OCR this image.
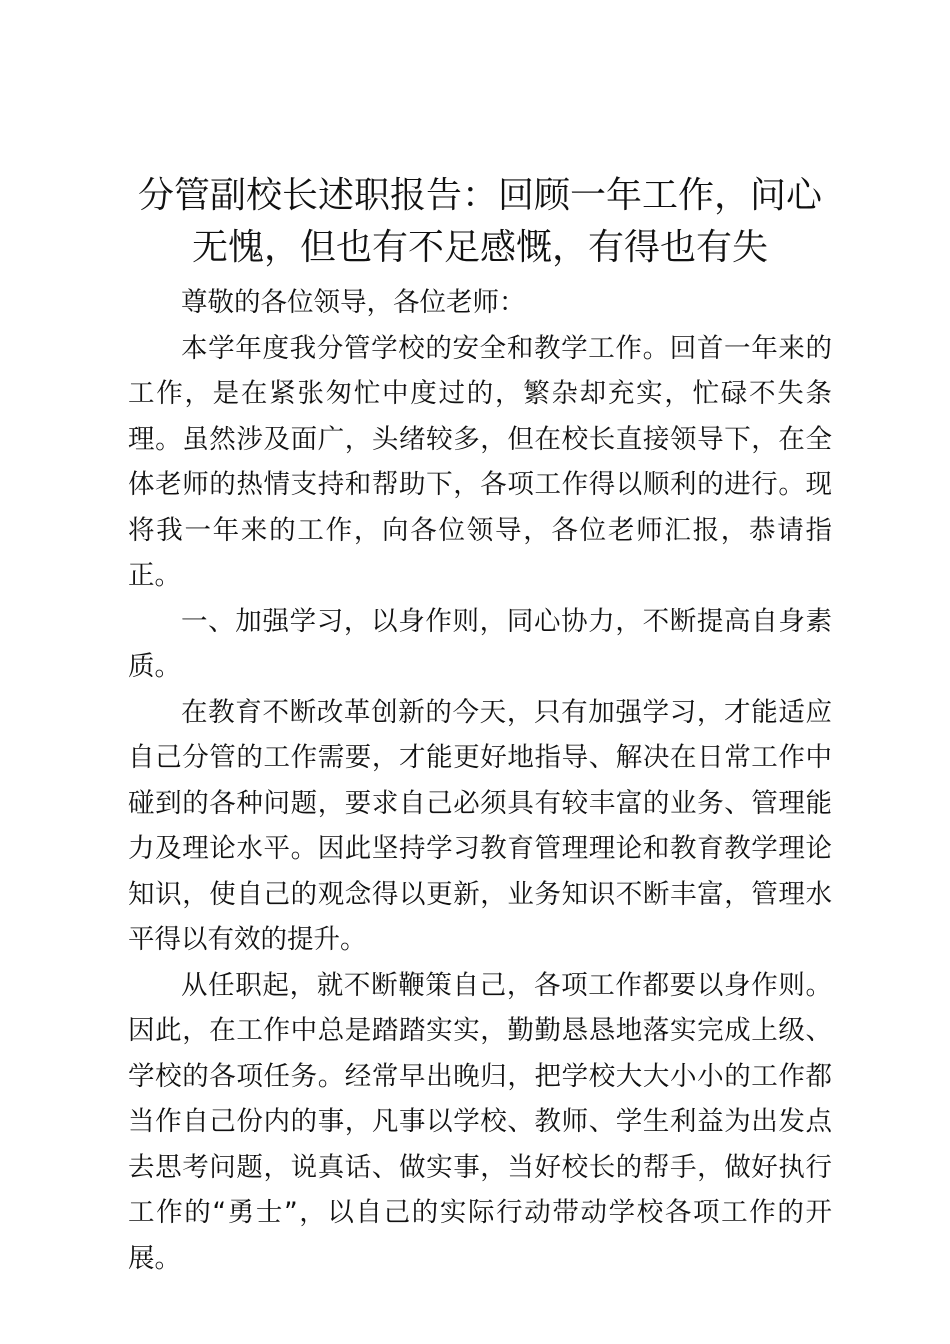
分管副校长述职报告：回顾一年工作，问心无愧，但也有不足感慨，有得也有失

尊敬的各位领导，各位老师：

本学年度我分管学校的安全和教学工作。回首一年来的工作，是在紧张匆忙中度过的，繁杂却充实，忙碌不失条理。虽然涉及面广，头绪较多，但在校长直接领导下，在全体老师的热情支持和帮助下，各项工作得以顺利的进行。现将我一年来的工作，向各位领导，各位老师汇报，恭请指正。

一、加强学习，以身作则，同心协力，不断提高自身素质。

在教育不断改革创新的今天，只有加强学习，才能适应自己分管的工作需要，才能更好地指导、解决在日常工作中碰到的各种问题，要求自己必须具有较丰富的业务、管理能力及理论水平。因此坚持学习教育管理理论和教育教学理论知识，使自己的观念得以更新，业务知识不断丰富，管理水平得以有效的提升。

从任职起，就不断鞭策自己，各项工作都要以身作则。因此，在工作中总是踏踏实实，勤勤恳恳地落实完成上级、学校的各项任务。经常早出晚归，把学校大大小小的工作都当作自己份内的事，凡事以学校、教师、学生利益为出发点去思考问题，说真话、做实事，当好校长的帮手，做好执行工作的“勇士”，以自己的实际行动带动学校各项工作的开展。
